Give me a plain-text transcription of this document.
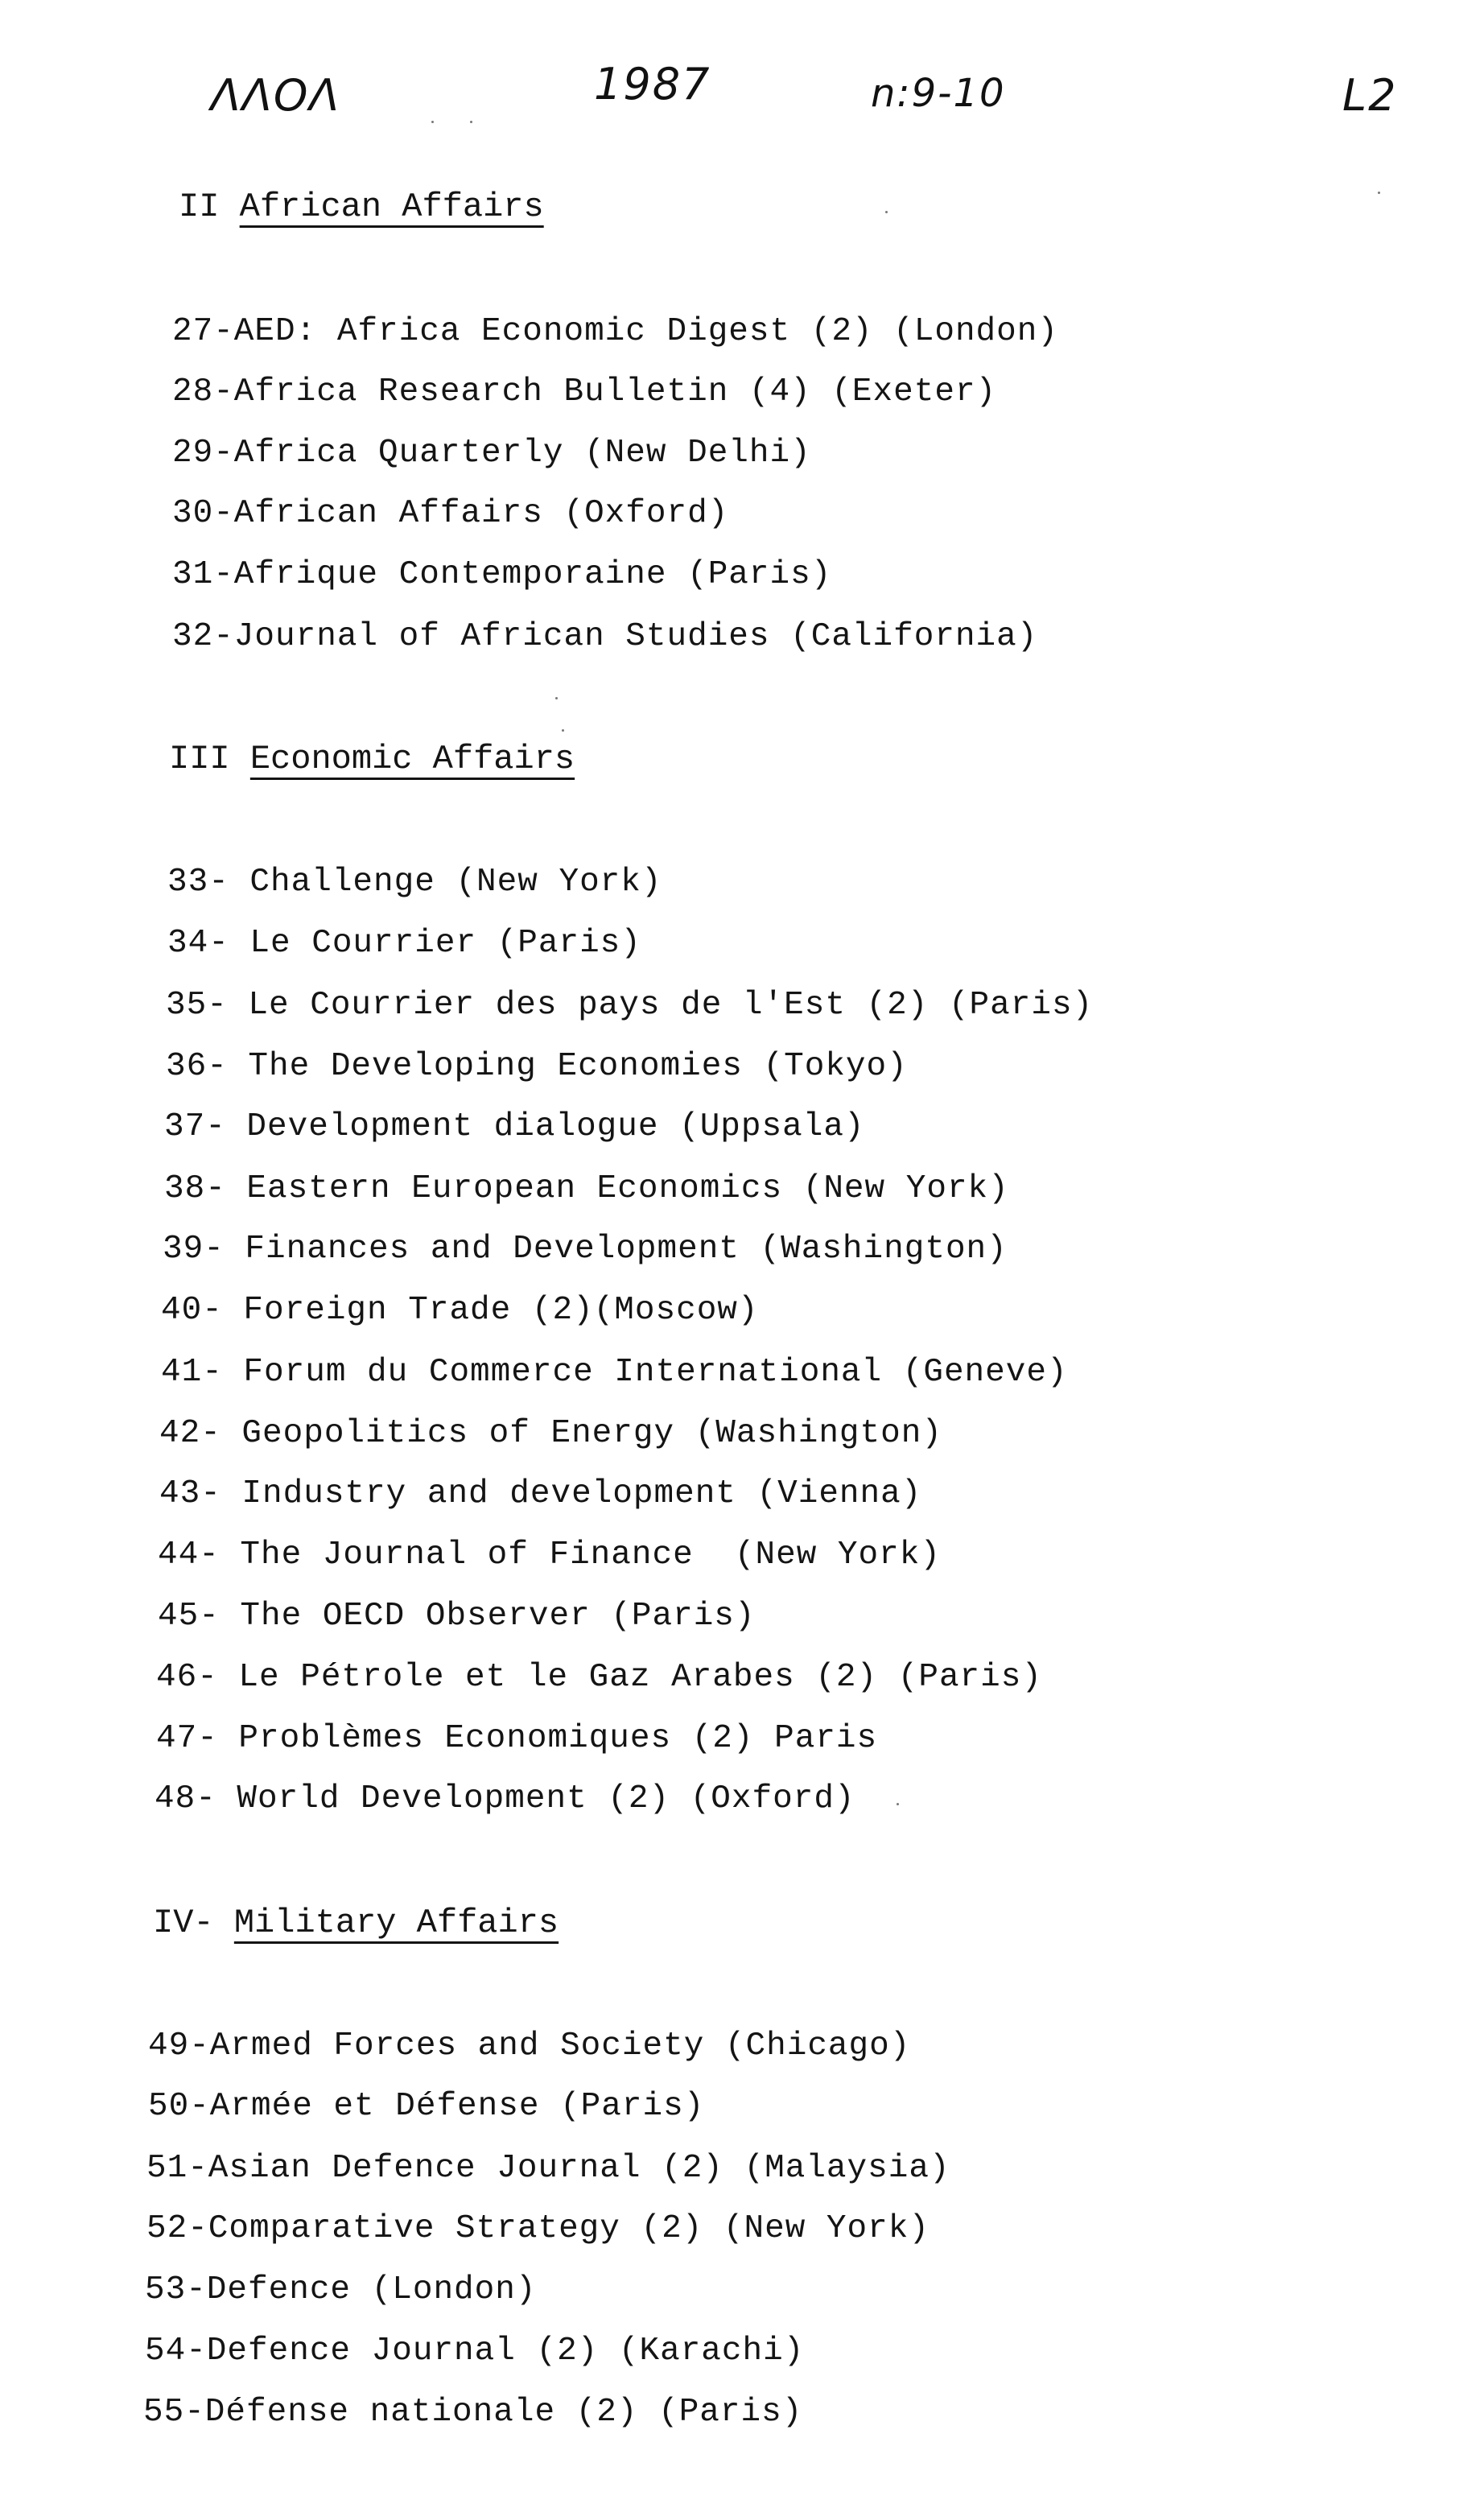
ΛΛΟΛ	1987	n:9-10	L2
II African Affairs
27-AED: Africa Economic Digest (2) (London)
28-Africa Research Bulletin (4) (Exeter)
29-Africa Quarterly (New Delhi)
30-African Affairs (Oxford)
31-Afrique Contemporaine (Paris)
32-Journal of African Studies (California)
III Economic Affairs
33- Challenge (New York)
34- Le Courrier (Paris)
35- Le Courrier des pays de l'Est (2) (Paris)
36- The Developing Economies (Tokyo)
37- Development dialogue (Uppsala)
38- Eastern European Economics (New York)
39- Finances and Development (Washington)
40- Foreign Trade (2)(Moscow)
41- Forum du Commerce International (Geneve)
42- Geopolitics of Energy (Washington)
43- Industry and development (Vienna)
44- The Journal of Finance  (New York)
45- The OECD Observer (Paris)
46- Le Pétrole et le Gaz Arabes (2) (Paris)
47- Problèmes Economiques (2) Paris
48- World Development (2) (Oxford)
IV- Military Affairs
49-Armed Forces and Society (Chicago)
50-Armée et Défense (Paris)
51-Asian Defence Journal (2) (Malaysia)
52-Comparative Strategy (2) (New York)
53-Defence (London)
54-Defence Journal (2) (Karachi)
55-Défense nationale (2) (Paris)
